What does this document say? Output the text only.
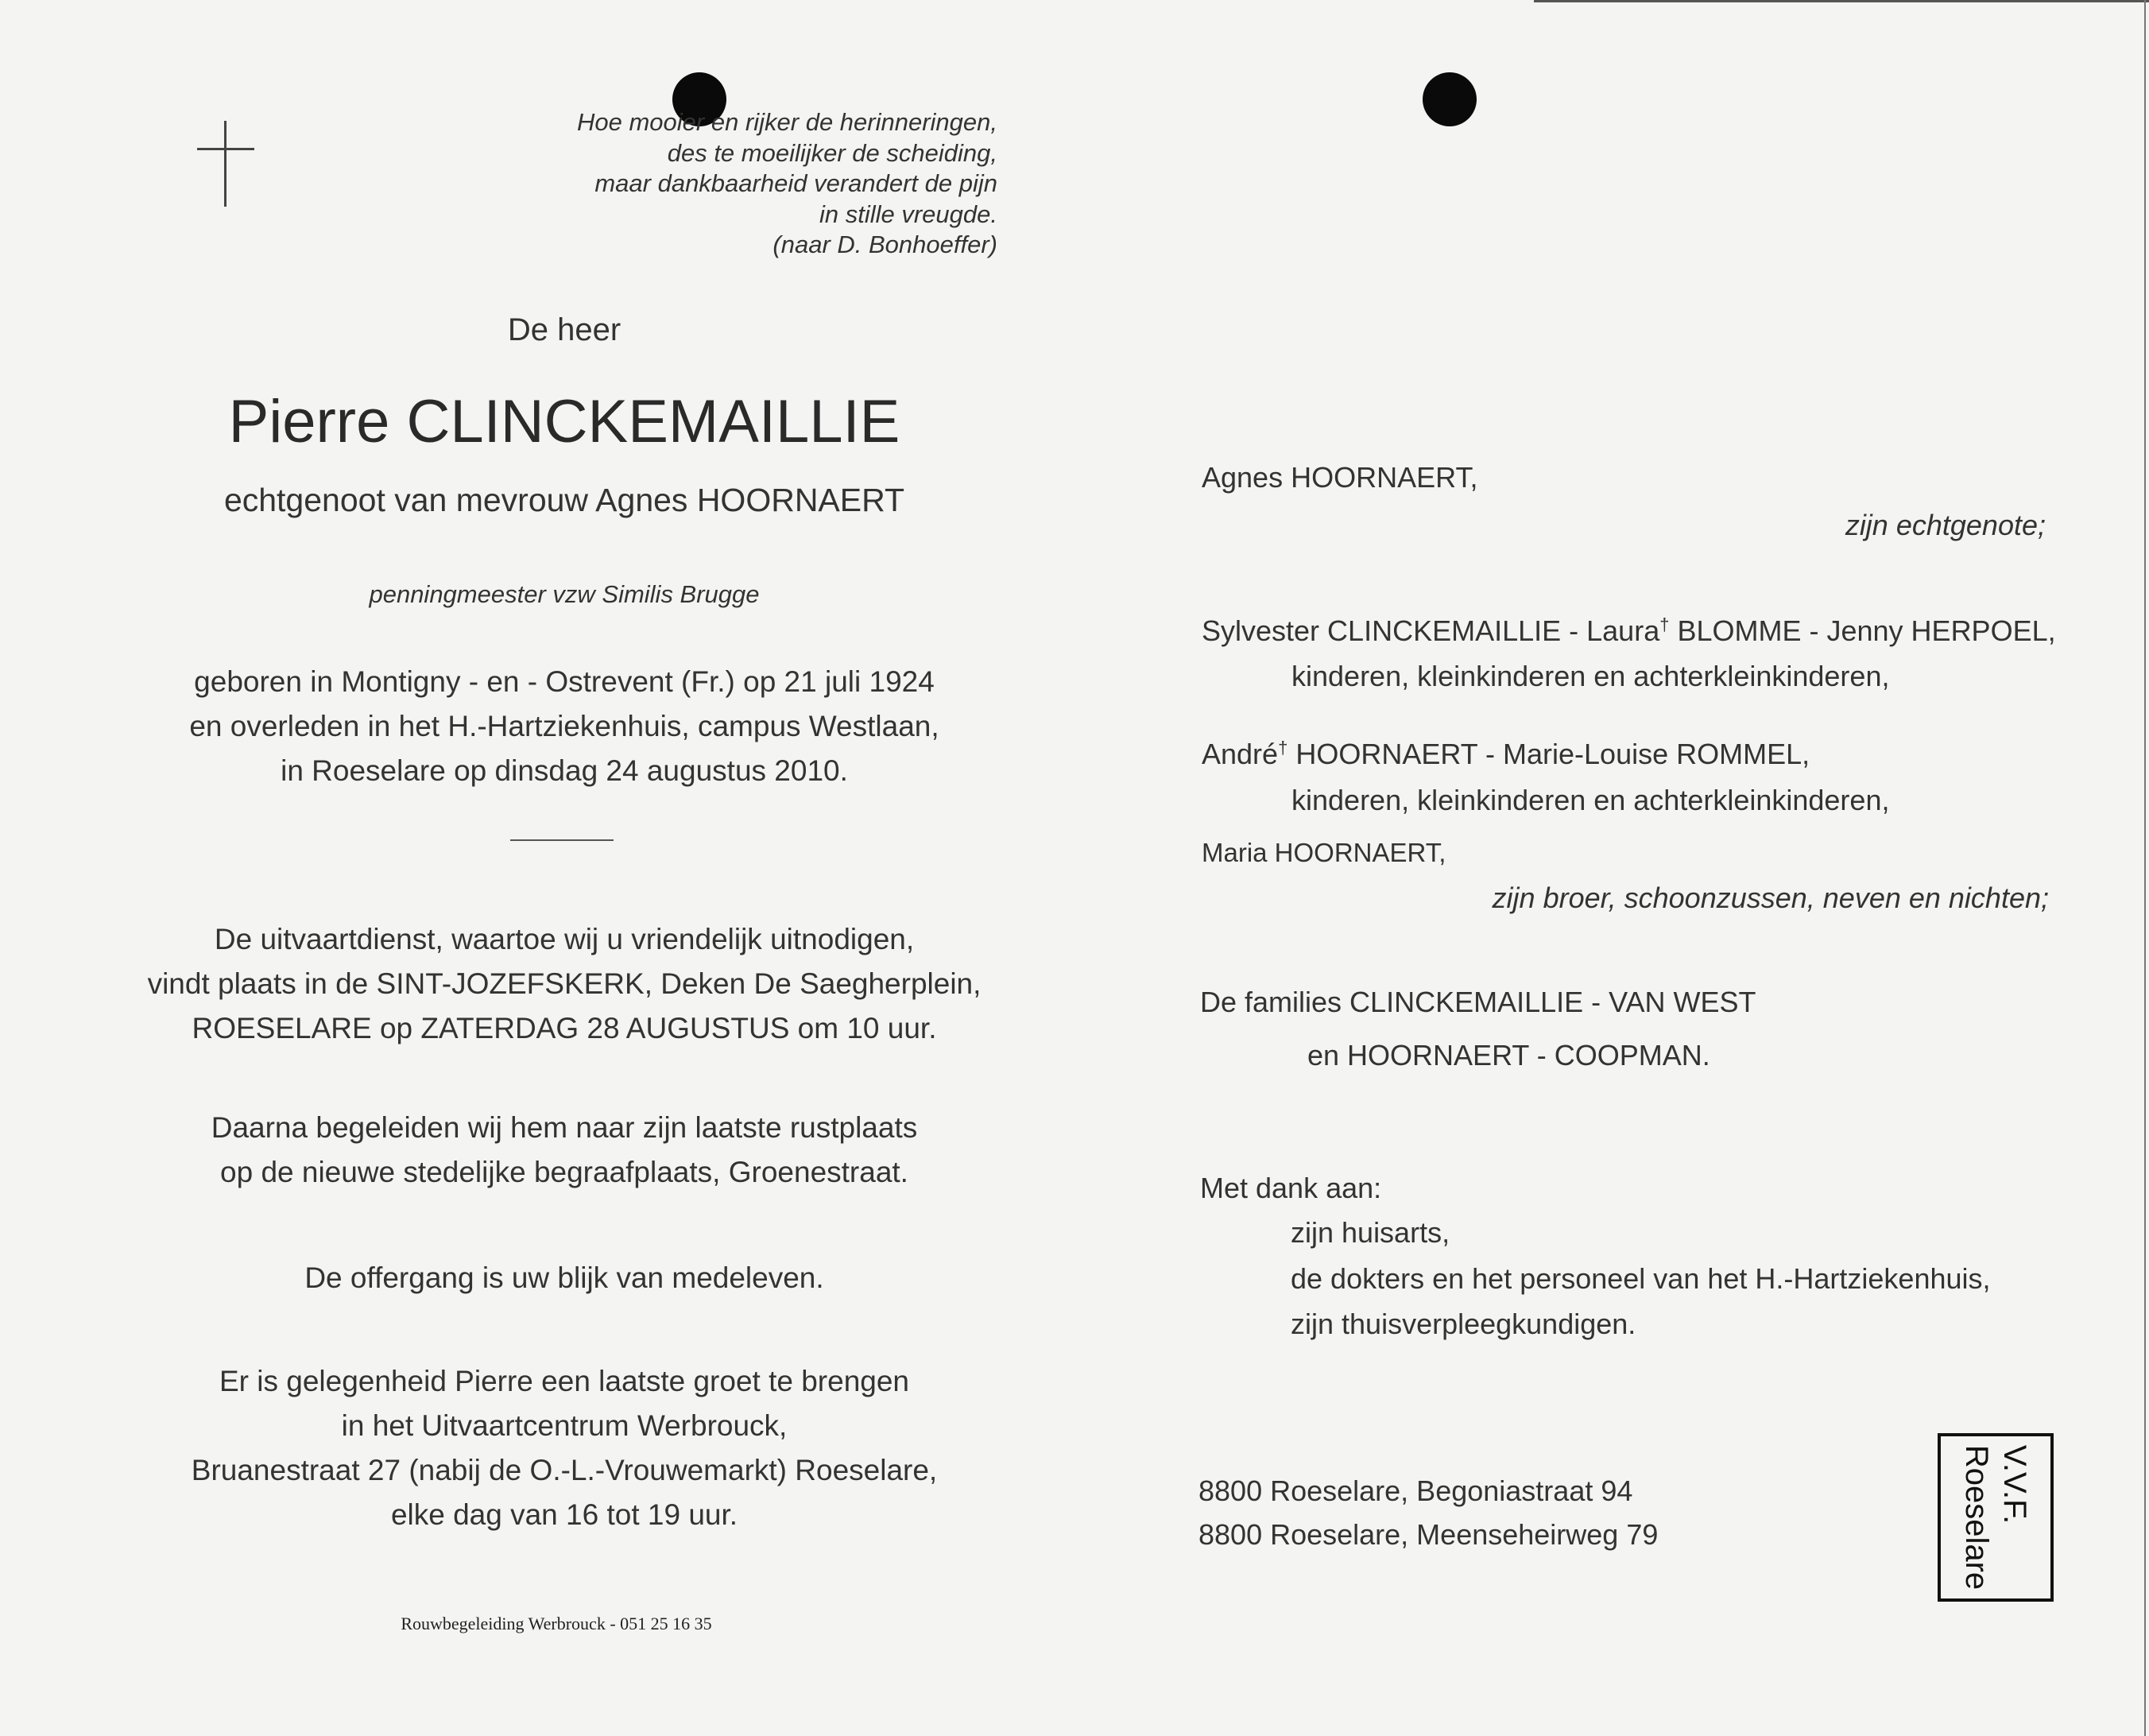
Hoe mooier en rijker de herinneringen,
des te moeilijker de scheiding,
maar dankbaarheid verandert de pijn
in stille vreugde.
(naar D. Bonhoeffer)
De heer
Pierre CLINCKEMAILLIE
echtgenoot van mevrouw Agnes HOORNAERT
penningmeester vzw Similis Brugge
geboren in Montigny - en - Ostrevent (Fr.) op 21 juli 1924
en overleden in het H.-Hartziekenhuis, campus Westlaan,
in Roeselare op dinsdag 24 augustus 2010.
De uitvaartdienst, waartoe wij u vriendelijk uitnodigen,
vindt plaats in de SINT-JOZEFSKERK, Deken De Saegherplein,
ROESELARE op ZATERDAG 28 AUGUSTUS om 10 uur.
Daarna begeleiden wij hem naar zijn laatste rustplaats
op de nieuwe stedelijke begraafplaats, Groenestraat.
De offergang is uw blijk van medeleven.
Er is gelegenheid Pierre een laatste groet te brengen
in het Uitvaartcentrum Werbrouck,
Bruanestraat 27 (nabij de O.-L.-Vrouwemarkt) Roeselare,
elke dag van 16 tot 19 uur.
Rouwbegeleiding Werbrouck - 051 25 16 35
Agnes HOORNAERT,
zijn echtgenote;
Sylvester CLINCKEMAILLIE - Laura† BLOMME - Jenny HERPOEL,
kinderen, kleinkinderen en achterkleinkinderen,
André† HOORNAERT - Marie-Louise ROMMEL,
kinderen, kleinkinderen en achterkleinkinderen,
Maria HOORNAERT,
zijn broer, schoonzussen, neven en nichten;
De families CLINCKEMAILLIE - VAN WEST
en HOORNAERT - COOPMAN.
Met dank aan:
zijn huisarts,
de dokters en het personeel van het H.-Hartziekenhuis,
zijn thuisverpleegkundigen.
8800 Roeselare, Begoniastraat 94
8800 Roeselare, Meenseheirweg 79
V.V.F.
Roeselare
